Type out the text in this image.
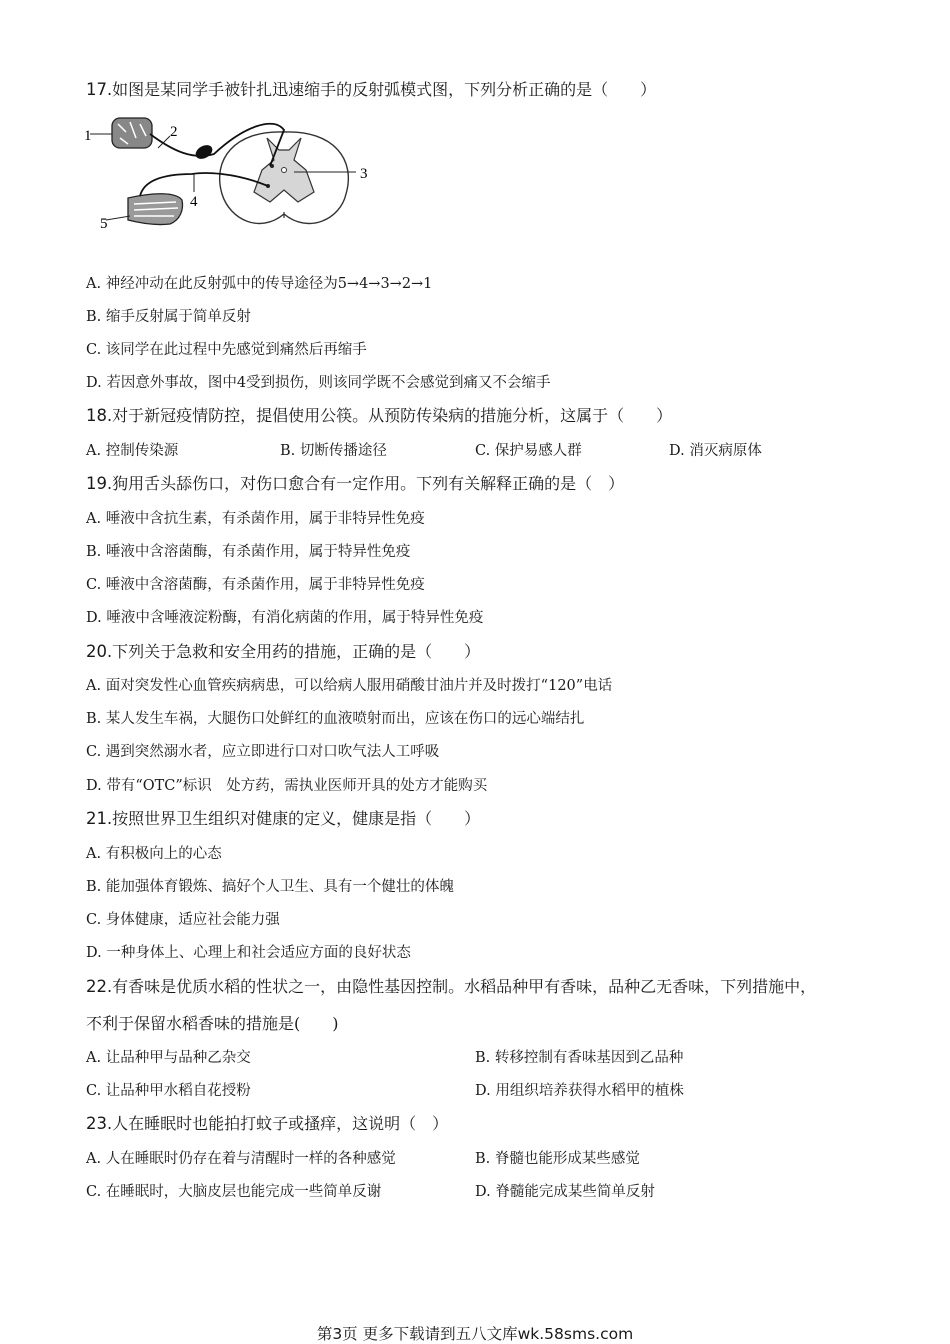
17.如图是某同学手被针扎迅速缩手的反射弧模式图，下列分析正确的是（　　）
1	2
3
4
5
A. 神经冲动在此反射弧中的传导途径为5→4→3→2→1
B. 缩手反射属于简单反射
C. 该同学在此过程中先感觉到痛然后再缩手
D. 若因意外事故，图中4受到损伤，则该同学既不会感觉到痛又不会缩手
18.对于新冠疫情防控，提倡使用公筷。从预防传染病的措施分析，这属于（　　）
A. 控制传染源	B. 切断传播途径	C. 保护易感人群	D. 消灭病原体
19.狗用舌头舔伤口，对伤口愈合有一定作用。下列有关解释正确的是（　）
A. 唾液中含抗生素，有杀菌作用，属于非特异性免疫
B. 唾液中含溶菌酶，有杀菌作用，属于特异性免疫
C. 唾液中含溶菌酶，有杀菌作用，属于非特异性免疫
D. 唾液中含唾液淀粉酶，有消化病菌的作用，属于特异性免疫
20.下列关于急救和安全用药的措施，正确的是（　　）
A. 面对突发性心血管疾病病患，可以给病人服用硝酸甘油片并及时拨打“120”电话
B. 某人发生车祸，大腿伤口处鲜红的血液喷射而出，应该在伤口的远心端结扎
C. 遇到突然溺水者，应立即进行口对口吹气法人工呼吸
D. 带有“OTC”标识　处方药，需执业医师开具的处方才能购买
21.按照世界卫生组织对健康的定义，健康是指（　　）
A. 有积极向上的心态
B. 能加强体育锻炼、搞好个人卫生、具有一个健壮的体魄
C. 身体健康，适应社会能力强
D. 一种身体上、心理上和社会适应方面的良好状态
22.有香味是优质水稻的性状之一，由隐性基因控制。水稻品种甲有香味，品种乙无香味，下列措施中，
不利于保留水稻香味的措施是(　　)
A. 让品种甲与品种乙杂交	B. 转移控制有香味基因到乙品种
C. 让品种甲水稻自花授粉	D. 用组织培养获得水稻甲的植株
23.人在睡眠时也能拍打蚊子或搔痒，这说明（　）
A. 人在睡眠时仍存在着与清醒时一样的各种感觉	B. 脊髓也能形成某些感觉
C. 在睡眠时，大脑皮层也能完成一些简单反谢	D. 脊髓能完成某些简单反射
第3页 更多下载请到五八文库wk.58sms.com
